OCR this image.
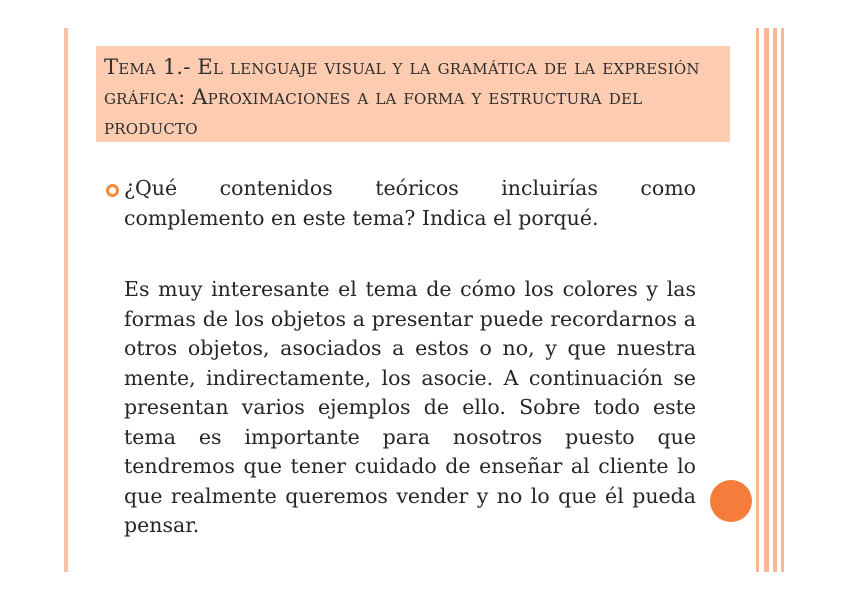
Tema 1.- El lenguaje visual y la gramática de la expresión gráfica: Aproximaciones a la forma y estructura del producto
¿Qué contenidos teóricos incluirías como complemento en este tema? Indica el porqué.
Es muy interesante el tema de cómo los colores y las formas de los objetos a presentar puede recordarnos a otros objetos, asociados a estos o no, y que nuestra mente, indirectamente, los asocie. A continuación se presentan varios ejemplos de ello. Sobre todo este tema es importante para nosotros puesto que tendremos que tener cuidado de enseñar al cliente lo que realmente queremos vender y no lo que él pueda pensar.
